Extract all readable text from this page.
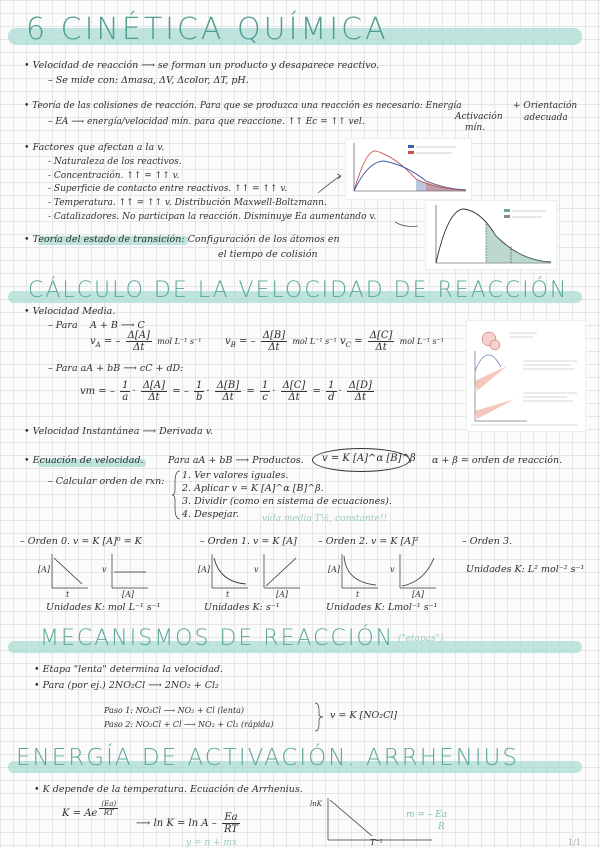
6 CINÉTICA QUÍMICA
• Velocidad de reacción ⟶ se forman un producto y desaparece reactivo.
– Se mide con: Δmasa, ΔV, Δcolor, ΔT, pH.
• Teoría de las colisiones de reacción. Para que se produzca una reacción es necesario: Energía
Activación
mín.
+ Orientación
adecuada
– EA ⟶ energía/velocidad mín. para que reaccione. ↑↑ Ec = ↑↑ vel.
• Factores que afectan a la v.
- Naturaleza de los reactivos.
- Concentración. ↑↑ = ↑↑ v.
- Superficie de contacto entre reactivos. ↑↑ = ↑↑ v.
- Temperatura. ↑↑ = ↑↑ v. Distribución Maxwell-Boltzmann.
- Catalizadores. No participan la reacción. Disminuye Ea aumentando v.
• Teoría del estado de transición: Configuración de los átomos en
el tiempo de colisión
CÁLCULO DE LA VELOCIDAD DE REACCIÓN
• Velocidad Media.
– Para A + B ⟶ C
$v_A$ = – $\frac{\Delta[A]}{\Delta t}$ mol L⁻¹ s⁻¹ $v_B$ = – $\frac{\Delta[B]}{\Delta t}$ mol L⁻¹ s⁻¹ $v_C = \frac{\Delta[C]}{\Delta t}$ mol L⁻¹ s⁻¹
– Para aA + bB ⟶ cC + dD:
vm = – $\frac{1}{a} \cdot \frac{\Delta[A]}{\Delta t}$ = – $\frac{1}{b} \cdot \frac{\Delta[B]}{\Delta t} = \frac{1}{c} \cdot \frac{\Delta[C]}{\Delta t} = \frac{1}{d} \cdot \frac{\Delta[D]}{\Delta t}$
• Velocidad Instantánea ⟶ Derivada v.
• Ecuación de velocidad.	Para aA + bB ⟶ Productos. v = K [A]^α [B]^β α + β = orden de reacción.
– Calcular orden de rxn:
1. Ver valores iguales.
2. Aplicar v = K [A]^α [B]^β.
3. Dividir (como en sistema de ecuaciones).
4. Despejar.	vida media T½, constante!!
– Orden 0. v = K [A]⁰ = K	– Orden 1. v = K [A] – Orden 2. v = K [A]²	– Orden 3.
[A]
t
v
[A]
Unidades K: mol L⁻¹ s⁻¹
[A]
t
v
[A]
Unidades K: s⁻¹
[A]
t
v
[A]
Unidades K: Lmol⁻¹ s⁻¹
Unidades K: L² mol⁻² s⁻¹
MECANISMOS DE REACCIÓN ("etapas")
• Etapa "lenta" determina la velocidad.
• Para (por ej.) 2NO₂Cl ⟶ 2NO₂ + Cl₂
Paso 1: NO₂Cl ⟶ NO₂ + Cl (lenta)
Paso 2: NO₂Cl + Cl ⟶ NO₂ + Cl₂ (rápida)
v = K [NO₂Cl]
ENERGÍA DE ACTIVACIÓN. ARRHENIUS
• K depende de la temperatura. Ecuación de Arrhenius.
K = Ae $^{\frac{(Ea)}{RT}}$
⟶ $\ln K = \ln A - \frac{Ea}{RT}$
lnK
T⁻¹
m = – Ea
R
y = n + mx	1/1
